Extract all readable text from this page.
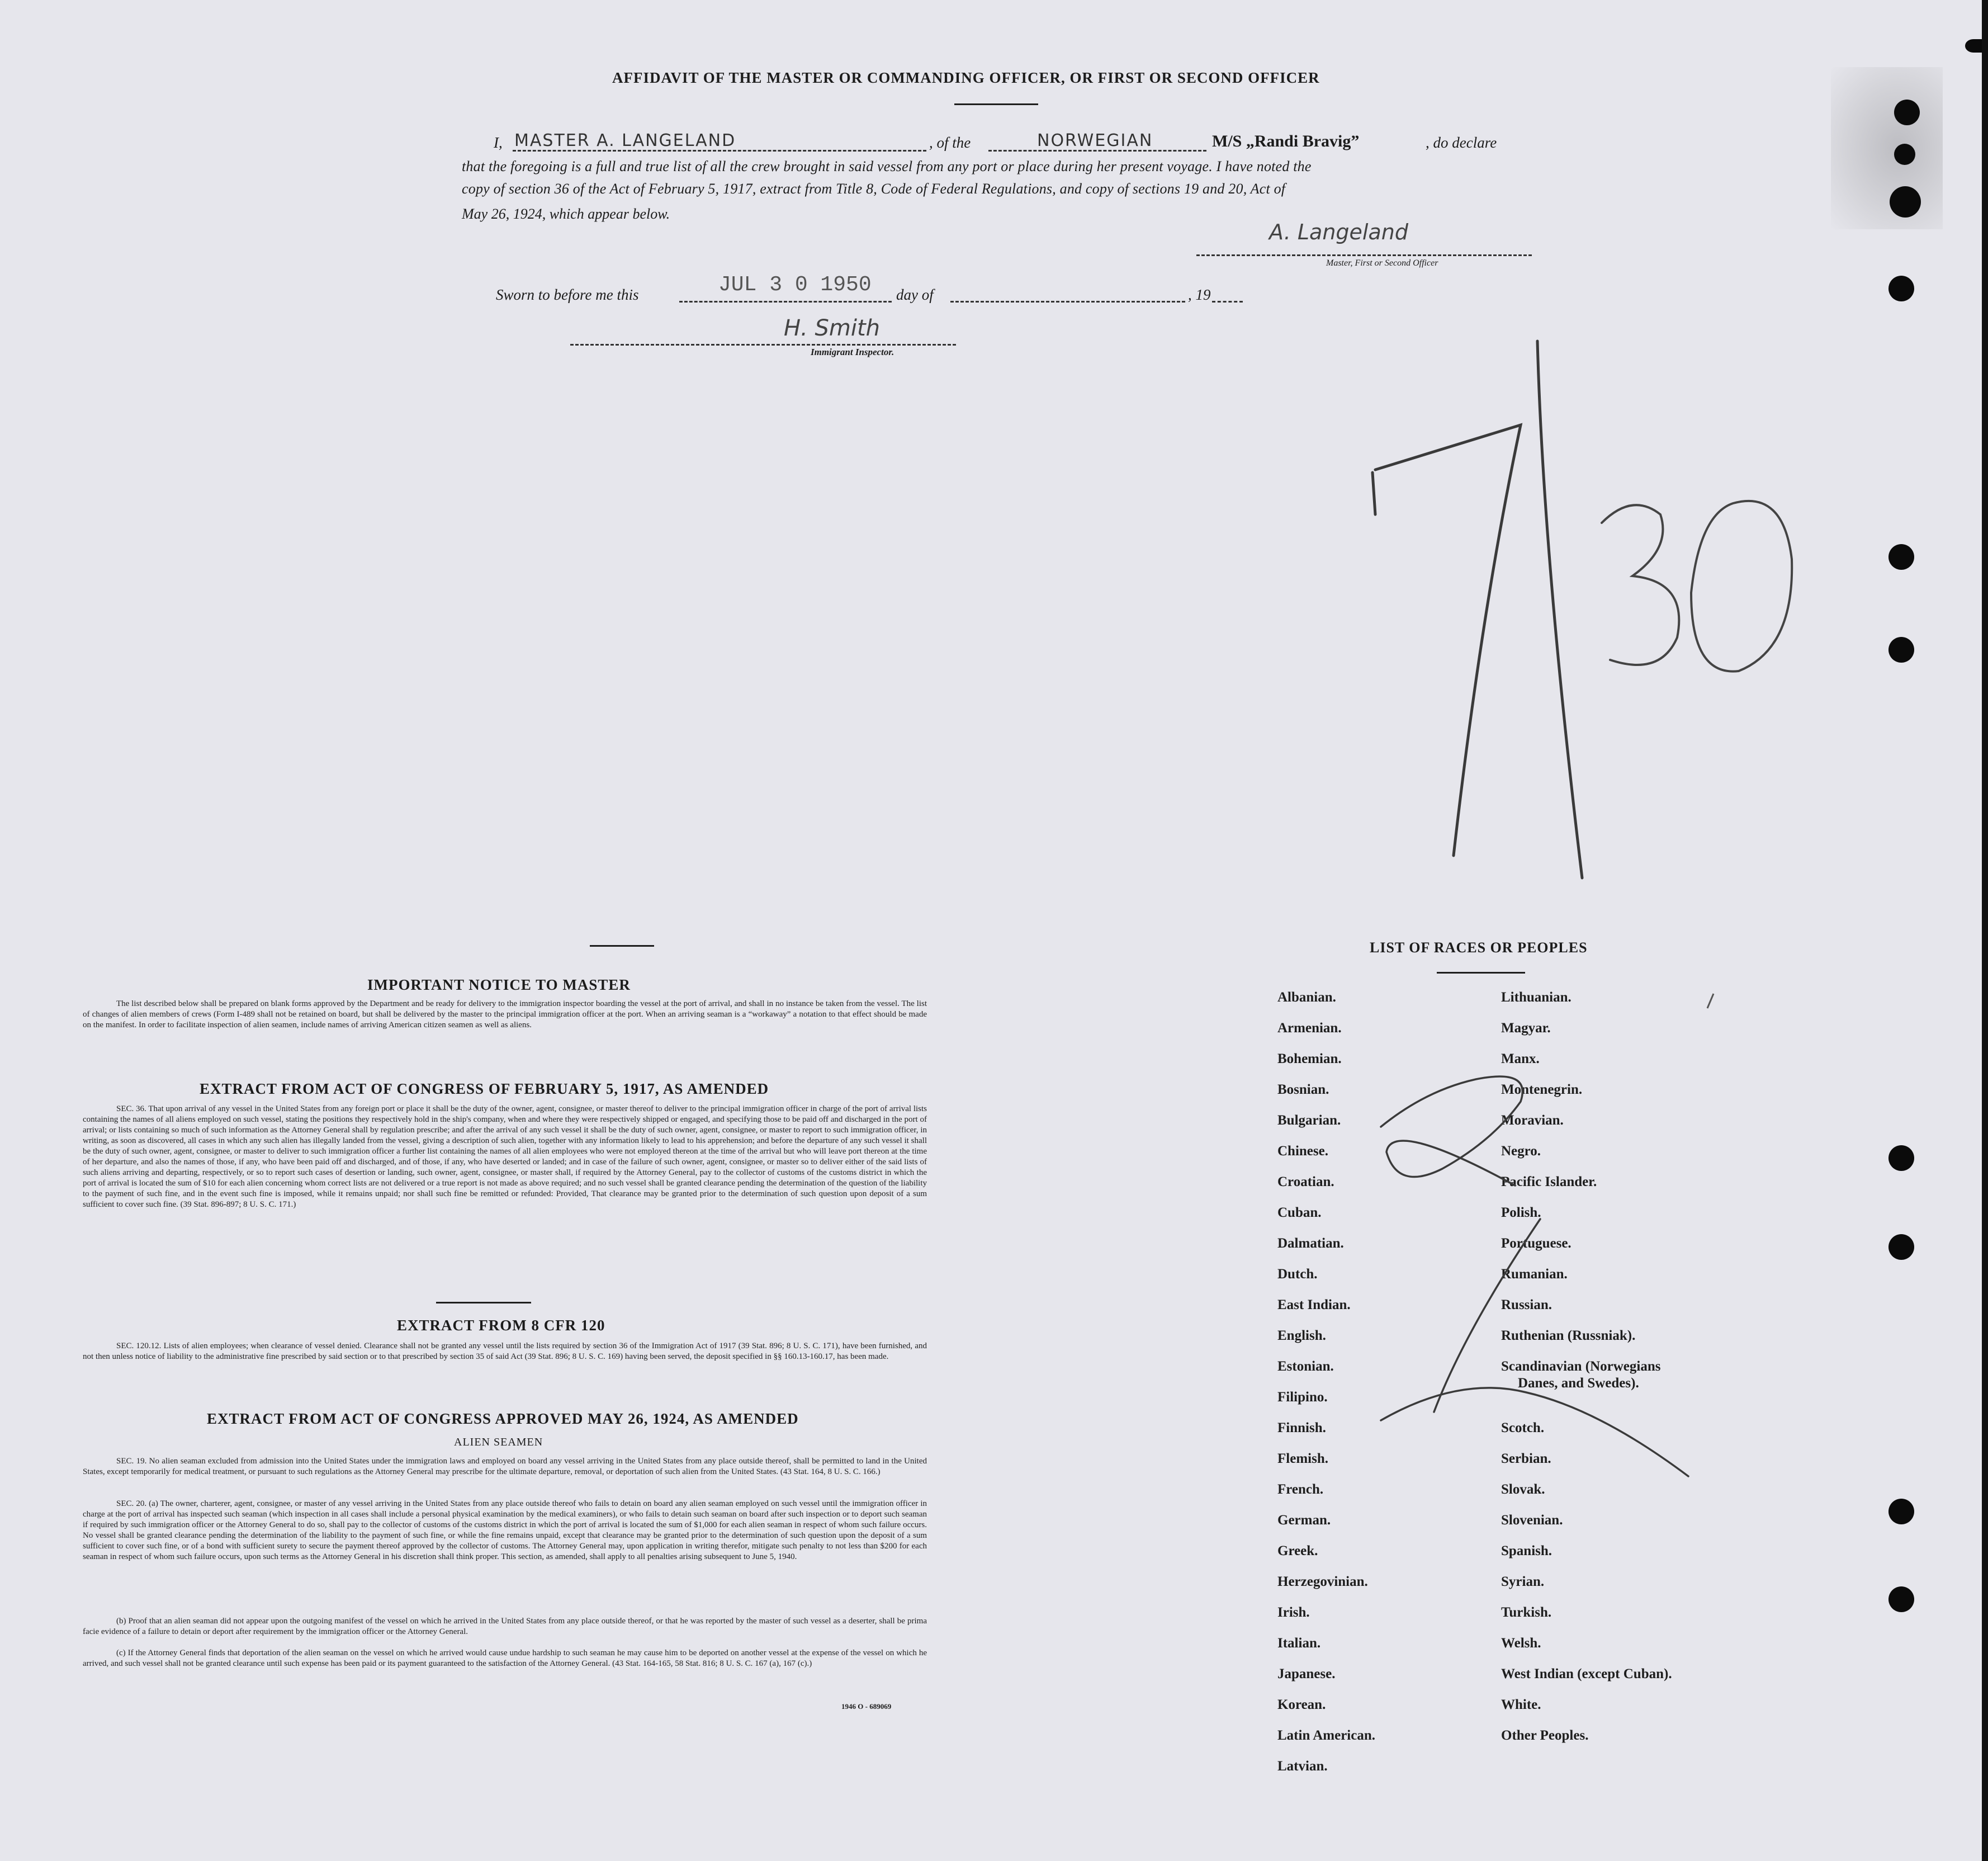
AFFIDAVIT OF THE MASTER OR COMMANDING OFFICER, OR FIRST OR SECOND OFFICER
I, MASTER A. LANGELAND	, of the	NORWEGIAN	M/S „Randi Bravig”	, do declare
that the foregoing is a full and true list of all the crew brought in said vessel from any port or place during her present voyage. I have noted the
copy of section 36 of the Act of February 5, 1917, extract from Title 8, Code of Federal Regulations, and copy of sections 19 and 20, Act of
May 26, 1924, which appear below.
A. Langeland
Master, First or Second Officer
Sworn to before me this	JUL 3 0 1950 day of	, 19
H. Smith
Immigrant Inspector.
IMPORTANT NOTICE TO MASTER
The list described below shall be prepared on blank forms approved by the Department and be ready for delivery to the immigration inspector boarding the vessel at the port of arrival, and shall in no instance be taken from the vessel. The list of changes of alien members of crews (Form I-489 shall not be retained on board, but shall be delivered by the master to the principal immigration officer at the port. When an arriving seaman is a “workaway” a notation to that effect should be made on the manifest. In order to facilitate inspection of alien seamen, include names of arriving American citizen seamen as well as aliens.
EXTRACT FROM ACT OF CONGRESS OF FEBRUARY 5, 1917, AS AMENDED
SEC. 36. That upon arrival of any vessel in the United States from any foreign port or place it shall be the duty of the owner, agent, consignee, or master thereof to deliver to the principal immigration officer in charge of the port of arrival lists containing the names of all aliens employed on such vessel, stating the positions they respectively hold in the ship's company, when and where they were respectively shipped or engaged, and specifying those to be paid off and discharged in the port of arrival; or lists containing so much of such information as the Attorney General shall by regulation prescribe; and after the arrival of any such vessel it shall be the duty of such owner, agent, consignee, or master to report to such immigration officer, in writing, as soon as discovered, all cases in which any such alien has illegally landed from the vessel, giving a description of such alien, together with any information likely to lead to his apprehension; and before the departure of any such vessel it shall be the duty of such owner, agent, consignee, or master to deliver to such immigration officer a further list containing the names of all alien employees who were not employed thereon at the time of the arrival but who will leave port thereon at the time of her departure, and also the names of those, if any, who have been paid off and discharged, and of those, if any, who have deserted or landed; and in case of the failure of such owner, agent, consignee, or master so to deliver either of the said lists of such aliens arriving and departing, respectively, or so to report such cases of desertion or landing, such owner, agent, consignee, or master shall, if required by the Attorney General, pay to the collector of customs of the customs district in which the port of arrival is located the sum of $10 for each alien concerning whom correct lists are not delivered or a true report is not made as above required; and no such vessel shall be granted clearance pending the determination of the question of the liability to the payment of such fine, and in the event such fine is imposed, while it remains unpaid; nor shall such fine be remitted or refunded: Provided, That clearance may be granted prior to the determination of such question upon deposit of a sum sufficient to cover such fine. (39 Stat. 896-897; 8 U. S. C. 171.)
EXTRACT FROM 8 CFR 120
SEC. 120.12. Lists of alien employees; when clearance of vessel denied. Clearance shall not be granted any vessel until the lists required by section 36 of the Immigration Act of 1917 (39 Stat. 896; 8 U. S. C. 171), have been furnished, and not then unless notice of liability to the administrative fine prescribed by said section or to that prescribed by section 35 of said Act (39 Stat. 896; 8 U. S. C. 169) having been served, the deposit specified in §§ 160.13-160.17, has been made.
EXTRACT FROM ACT OF CONGRESS APPROVED MAY 26, 1924, AS AMENDED
ALIEN SEAMEN
SEC. 19. No alien seaman excluded from admission into the United States under the immigration laws and employed on board any vessel arriving in the United States from any place outside thereof, shall be permitted to land in the United States, except temporarily for medical treatment, or pursuant to such regulations as the Attorney General may prescribe for the ultimate departure, removal, or deportation of such alien from the United States. (43 Stat. 164, 8 U. S. C. 166.)
SEC. 20. (a) The owner, charterer, agent, consignee, or master of any vessel arriving in the United States from any place outside thereof who fails to detain on board any alien seaman employed on such vessel until the immigration officer in charge at the port of arrival has inspected such seaman (which inspection in all cases shall include a personal physical examination by the medical examiners), or who fails to detain such seaman on board after such inspection or to deport such seaman if required by such immigration officer or the Attorney General to do so, shall pay to the collector of customs of the customs district in which the port of arrival is located the sum of $1,000 for each alien seaman in respect of whom such failure occurs. No vessel shall be granted clearance pending the determination of the liability to the payment of such fine, or while the fine remains unpaid, except that clearance may be granted prior to the determination of such question upon the deposit of a sum sufficient to cover such fine, or of a bond with sufficient surety to secure the payment thereof approved by the collector of customs. The Attorney General may, upon application in writing therefor, mitigate such penalty to not less than $200 for each seaman in respect of whom such failure occurs, upon such terms as the Attorney General in his discretion shall think proper. This section, as amended, shall apply to all penalties arising subsequent to June 5, 1940.
(b) Proof that an alien seaman did not appear upon the outgoing manifest of the vessel on which he arrived in the United States from any place outside thereof, or that he was reported by the master of such vessel as a deserter, shall be prima facie evidence of a failure to detain or deport after requirement by the immigration officer or the Attorney General.
(c) If the Attorney General finds that deportation of the alien seaman on the vessel on which he arrived would cause undue hardship to such seaman he may cause him to be deported on another vessel at the expense of the vessel on which he arrived, and such vessel shall not be granted clearance until such expense has been paid or its payment guaranteed to the satisfaction of the Attorney General. (43 Stat. 164-165, 58 Stat. 816; 8 U. S. C. 167 (a), 167 (c).)
1946 O - 689069
LIST OF RACES OR PEOPLES
Albanian.
Armenian.
Bohemian.
Bosnian.
Bulgarian.
Chinese.
Croatian.
Cuban.
Dalmatian.
Dutch.
East Indian.
English.
Estonian.
Filipino.
Finnish.
Flemish.
French.
German.
Greek.
Herzegovinian.
Irish.
Italian.
Japanese.
Korean.
Latin American.
Latvian.
Lithuanian.
Magyar.
Manx.
Montenegrin.
Moravian.
Negro.
Pacific Islander.
Polish.
Portuguese.
Rumanian.
Russian.
Ruthenian (Russniak).
Scandinavian (Norwegians
Danes, and Swedes).
Scotch.
Serbian.
Slovak.
Slovenian.
Spanish.
Syrian.
Turkish.
Welsh.
West Indian (except Cuban).
White.
Other Peoples.
